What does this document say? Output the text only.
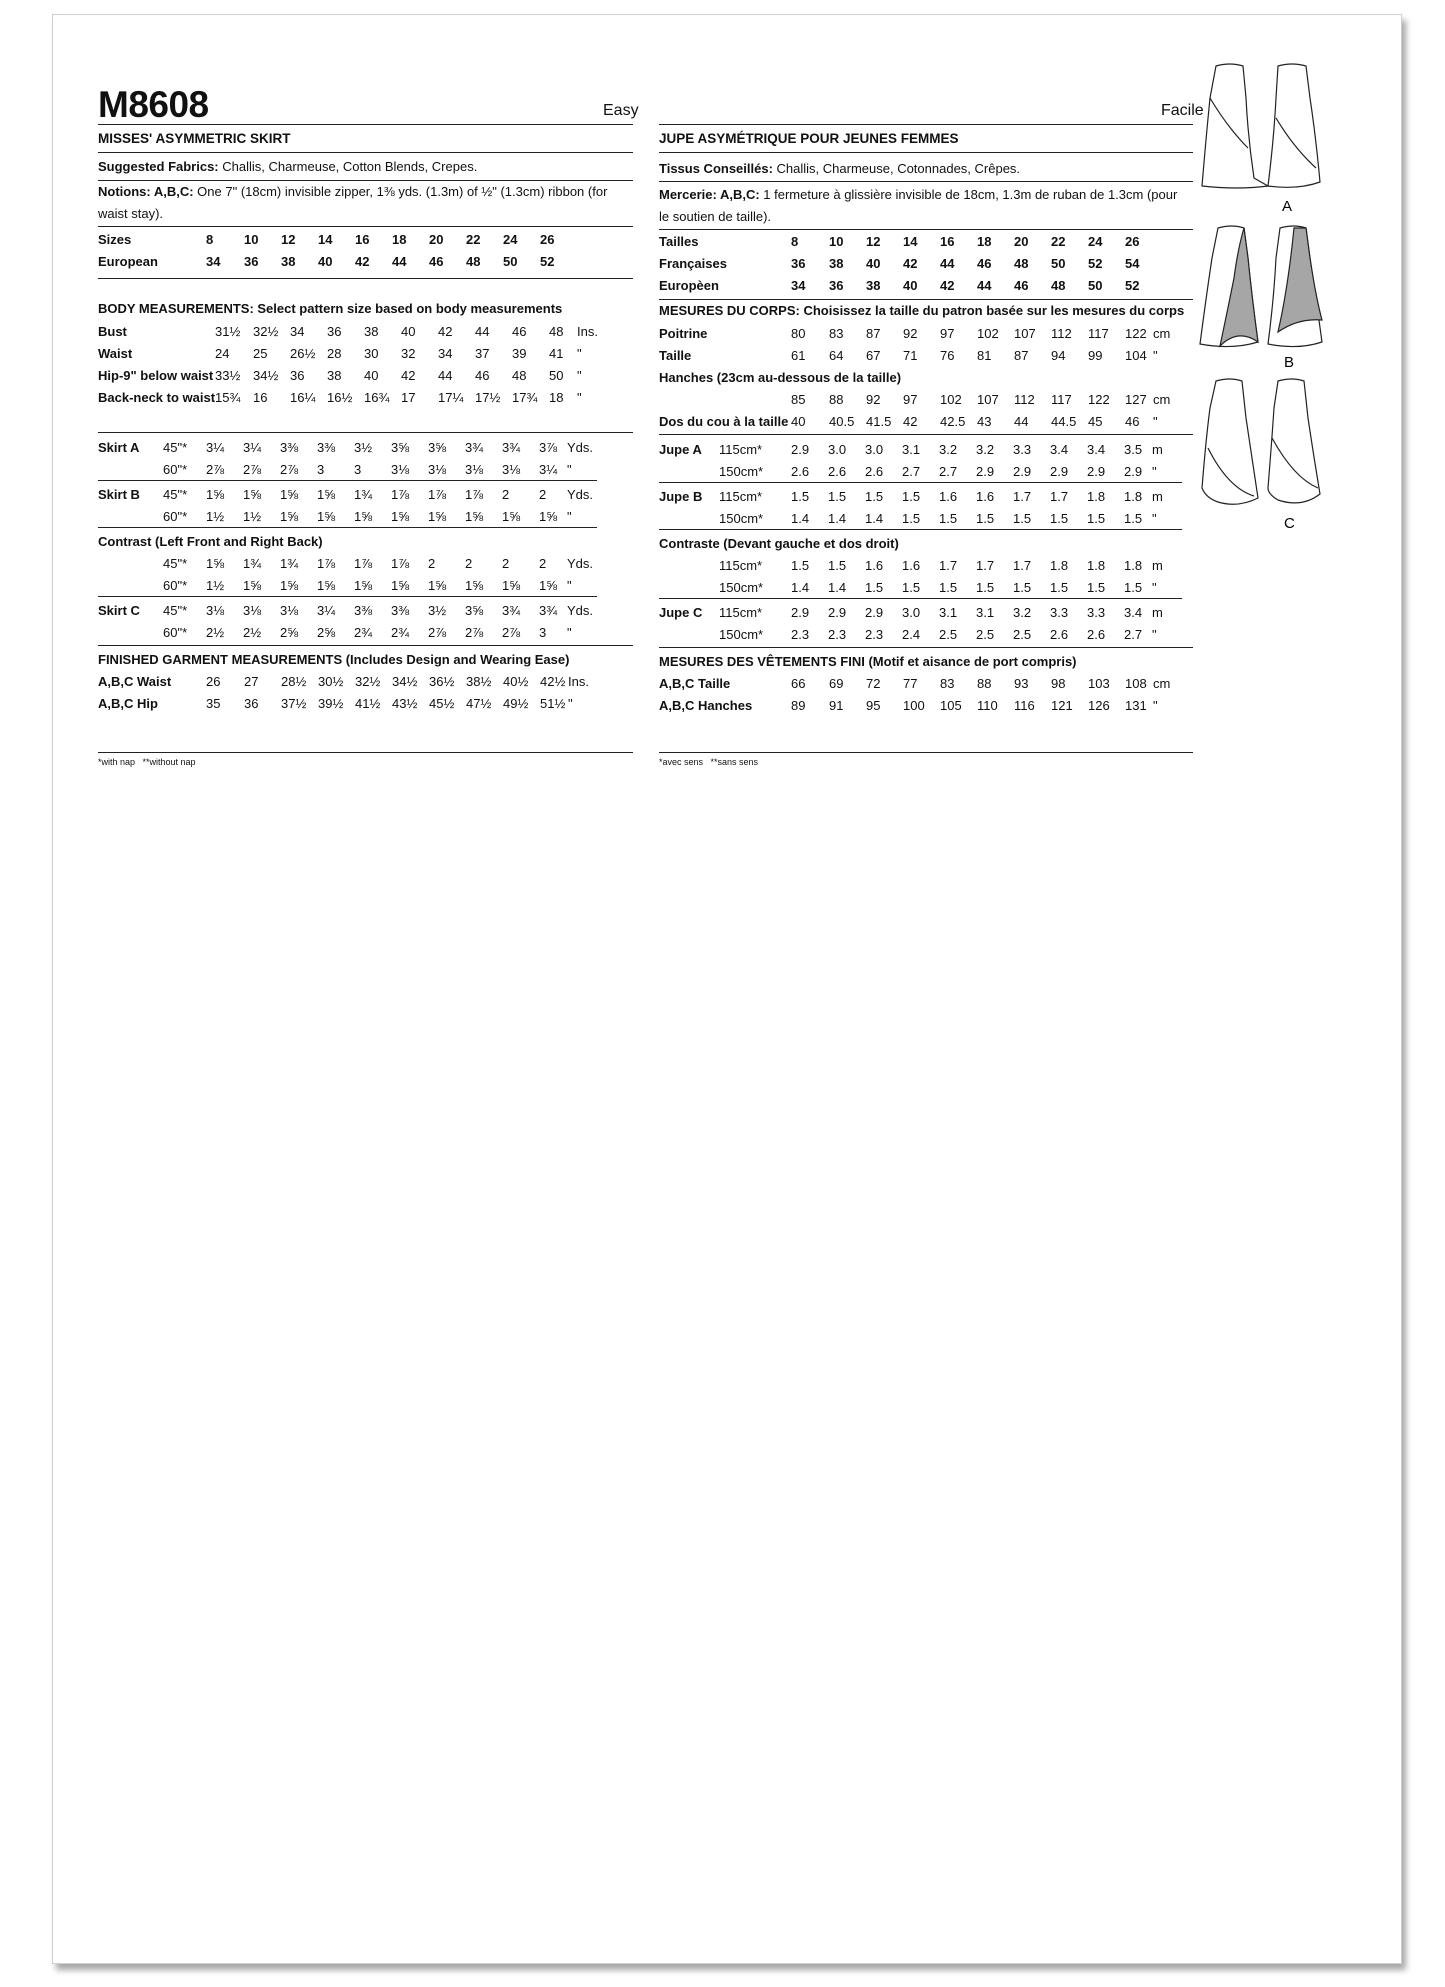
M8608	Easy
MISSES' ASYMMETRIC SKIRT
Suggested Fabrics: Challis, Charmeuse, Cotton Blends, Crepes.
Notions: A,B,C: One 7" (18cm) invisible zipper, 1⅜ yds. (1.3m) of ½" (1.3cm) ribbon (for waist stay).
Sizes	8	10	12	14	16	18	20	22	24	26	
European	34	36	38	40	42	44	46	48	50	52	
BODY MEASUREMENTS: Select pattern size based on body measurements
Bust	31½	32½	34	36	38	40	42	44	46	48	Ins.
Waist	24	25	26½	28	30	32	34	37	39	41	"
Hip-9" below waist	33½	34½	36	38	40	42	44	46	48	50	"
Back-neck to waist	15¾	16	16¼	16½	16¾	17	17¼	17½	17¾	18	"
Skirt A	45"*	3¼	3¼	3⅜	3⅜	3½	3⅝	3⅝	3¾	3¾	3⅞	Yds.
	60"*	2⅞	2⅞	2⅞	3	3	3⅛	3⅛	3⅛	3⅛	3¼	"

Skirt B	45"*	1⅝	1⅝	1⅝	1⅝	1¾	1⅞	1⅞	1⅞	2	2	Yds.
	60"*	1½	1½	1⅝	1⅝	1⅝	1⅝	1⅝	1⅝	1⅝	1⅝	"

Contrast (Left Front and Right Back)												
	45"*	1⅝	1¾	1¾	1⅞	1⅞	1⅞	2	2	2	2	Yds.
	60"*	1½	1⅝	1⅝	1⅝	1⅝	1⅝	1⅝	1⅝	1⅝	1⅝	"

Skirt C	45"*	3⅛	3⅛	3⅛	3¼	3⅜	3⅜	3½	3⅝	3¾	3¾	Yds.
	60"*	2½	2½	2⅝	2⅝	2¾	2¾	2⅞	2⅞	2⅞	3	"
FINISHED GARMENT MEASUREMENTS (Includes Design and Wearing Ease)
A,B,C Waist	26	27	28½	30½	32½	34½	36½	38½	40½	42½	Ins.
A,B,C Hip	35	36	37½	39½	41½	43½	45½	47½	49½	51½	"
*with nap   **without nap
Facile
JUPE ASYMÉTRIQUE POUR JEUNES FEMMES
Tissus Conseillés: Challis, Charmeuse, Cotonnades, Crêpes.
Mercerie: A,B,C: 1 fermeture à glissière invisible de 18cm, 1.3m de ruban de 1.3cm (pour le soutien de taille).
Tailles	8	10	12	14	16	18	20	22	24	26	
Françaises	36	38	40	42	44	46	48	50	52	54	
Europèen	34	36	38	40	42	44	46	48	50	52	
MESURES DU CORPS: Choisissez la taille du patron basée sur les mesures du corps
Poitrine	80	83	87	92	97	102	107	112	117	122	cm
Taille	61	64	67	71	76	81	87	94	99	104	"
Hanches (23cm au-dessous de la taille)											
	85	88	92	97	102	107	112	117	122	127	cm
Dos du cou à la taille	40	40.5	41.5	42	42.5	43	44	44.5	45	46	"
Jupe A	115cm*	2.9	3.0	3.0	3.1	3.2	3.2	3.3	3.4	3.4	3.5	m
	150cm*	2.6	2.6	2.6	2.7	2.7	2.9	2.9	2.9	2.9	2.9	"

Jupe B	115cm*	1.5	1.5	1.5	1.5	1.6	1.6	1.7	1.7	1.8	1.8	m
	150cm*	1.4	1.4	1.4	1.5	1.5	1.5	1.5	1.5	1.5	1.5	"

Contraste (Devant gauche et dos droit)												
	115cm*	1.5	1.5	1.6	1.6	1.7	1.7	1.7	1.8	1.8	1.8	m
	150cm*	1.4	1.4	1.5	1.5	1.5	1.5	1.5	1.5	1.5	1.5	"

Jupe C	115cm*	2.9	2.9	2.9	3.0	3.1	3.1	3.2	3.3	3.3	3.4	m
	150cm*	2.3	2.3	2.3	2.4	2.5	2.5	2.5	2.6	2.6	2.7	"
MESURES DES VÊTEMENTS FINI (Motif et aisance de port compris)
A,B,C Taille	66	69	72	77	83	88	93	98	103	108	cm
A,B,C Hanches	89	91	95	100	105	110	116	121	126	131	"
*avec sens   **sans sens
A
B
C
